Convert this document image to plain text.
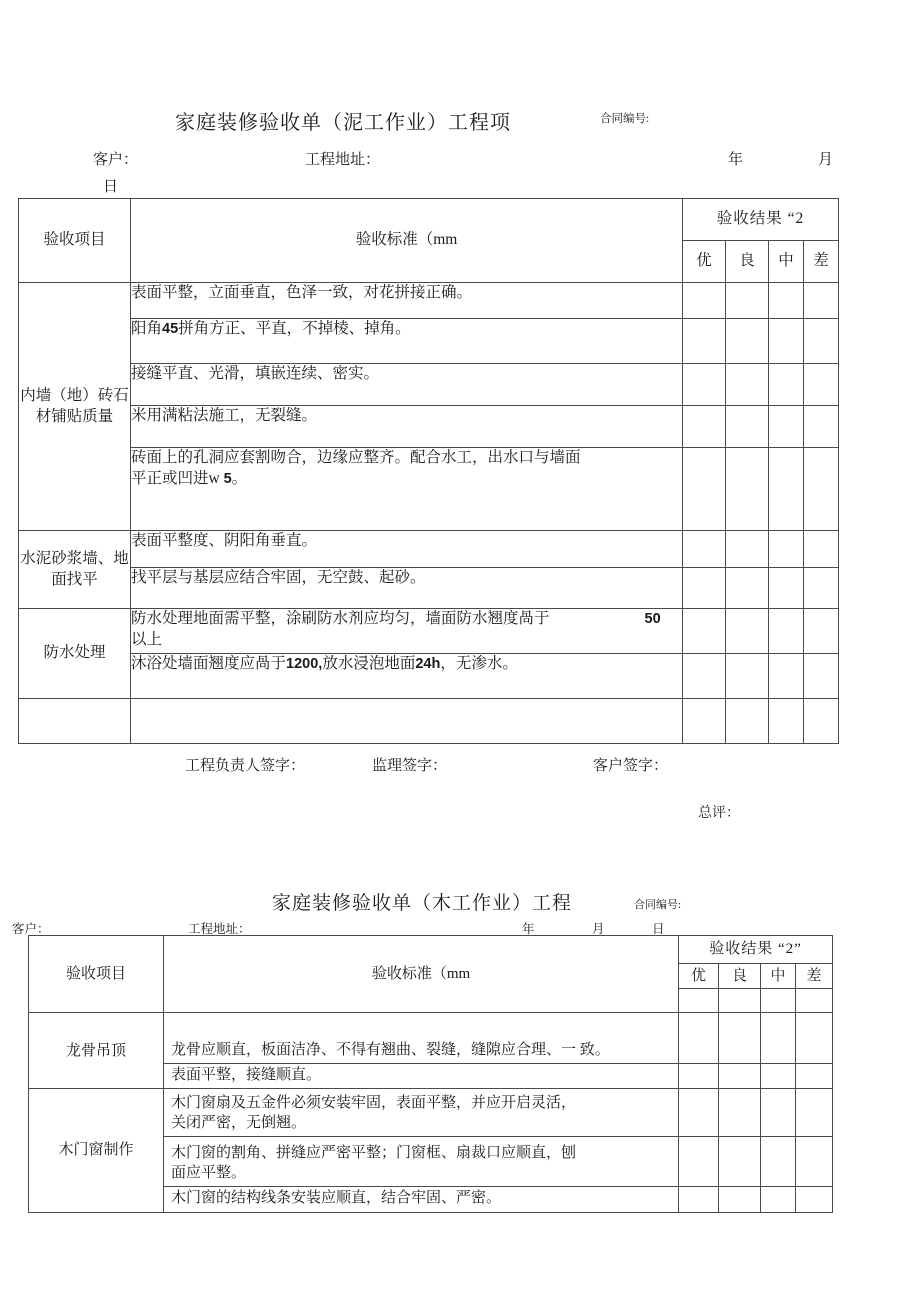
家庭装修验收单（泥工作业）工程项	合同编号:
客户：	工程地址：	年	月
日
验收项目	验收标准（mm	验收结果 “2			
		优	良	中	差
内墙（地）砖石材铺贴质量	表面平整，立面垂直，色泽一致，对花拼接正确。				
	阳角45拼角方正、平直，不掉棱、掉角。				
	接缝平直、光滑，填嵌连续、密实。				
	米用满粘法施工，无裂缝。				
	砖面上的孔洞应套割吻合，边缘应整齐。配合水工，出水口与墙面
平正或凹进w 5。				
水泥砂浆墙、地面找平	表面平整度、阴阳角垂直。				
	找平层与基层应结合牢固，无空鼓、起砂。				
防水处理	防水处理地面需平整，涂刷防水剂应均匀，墙面防水翘度咼于 50
以上				
	沐浴处墙面翘度应咼于1200,放水浸泡地面24h，无渗水。				

工程负责人签字：	监理签字：	客户签字：
总评：
家庭装修验收单（木工作业）工程	合同编号:
客户：	工程地址：	年	月	日
验收项目	验收标准（mm	验收结果 “2”			
		优	良	中	差

龙骨吊顶	龙骨应顺直，板面洁净、不得有翘曲、裂缝，缝隙应合理、一 致。				
	表面平整，接缝顺直。				
木门窗制作	木门窗扇及五金件必须安装牢固，表面平整，并应开启灵活，
关闭严密，无倒翘。				
	木门窗的割角、拼缝应严密平整；门窗框、扇裁口应顺直，刨
面应平整。				
	木门窗的结构线条安装应顺直，结合牢固、严密。				
